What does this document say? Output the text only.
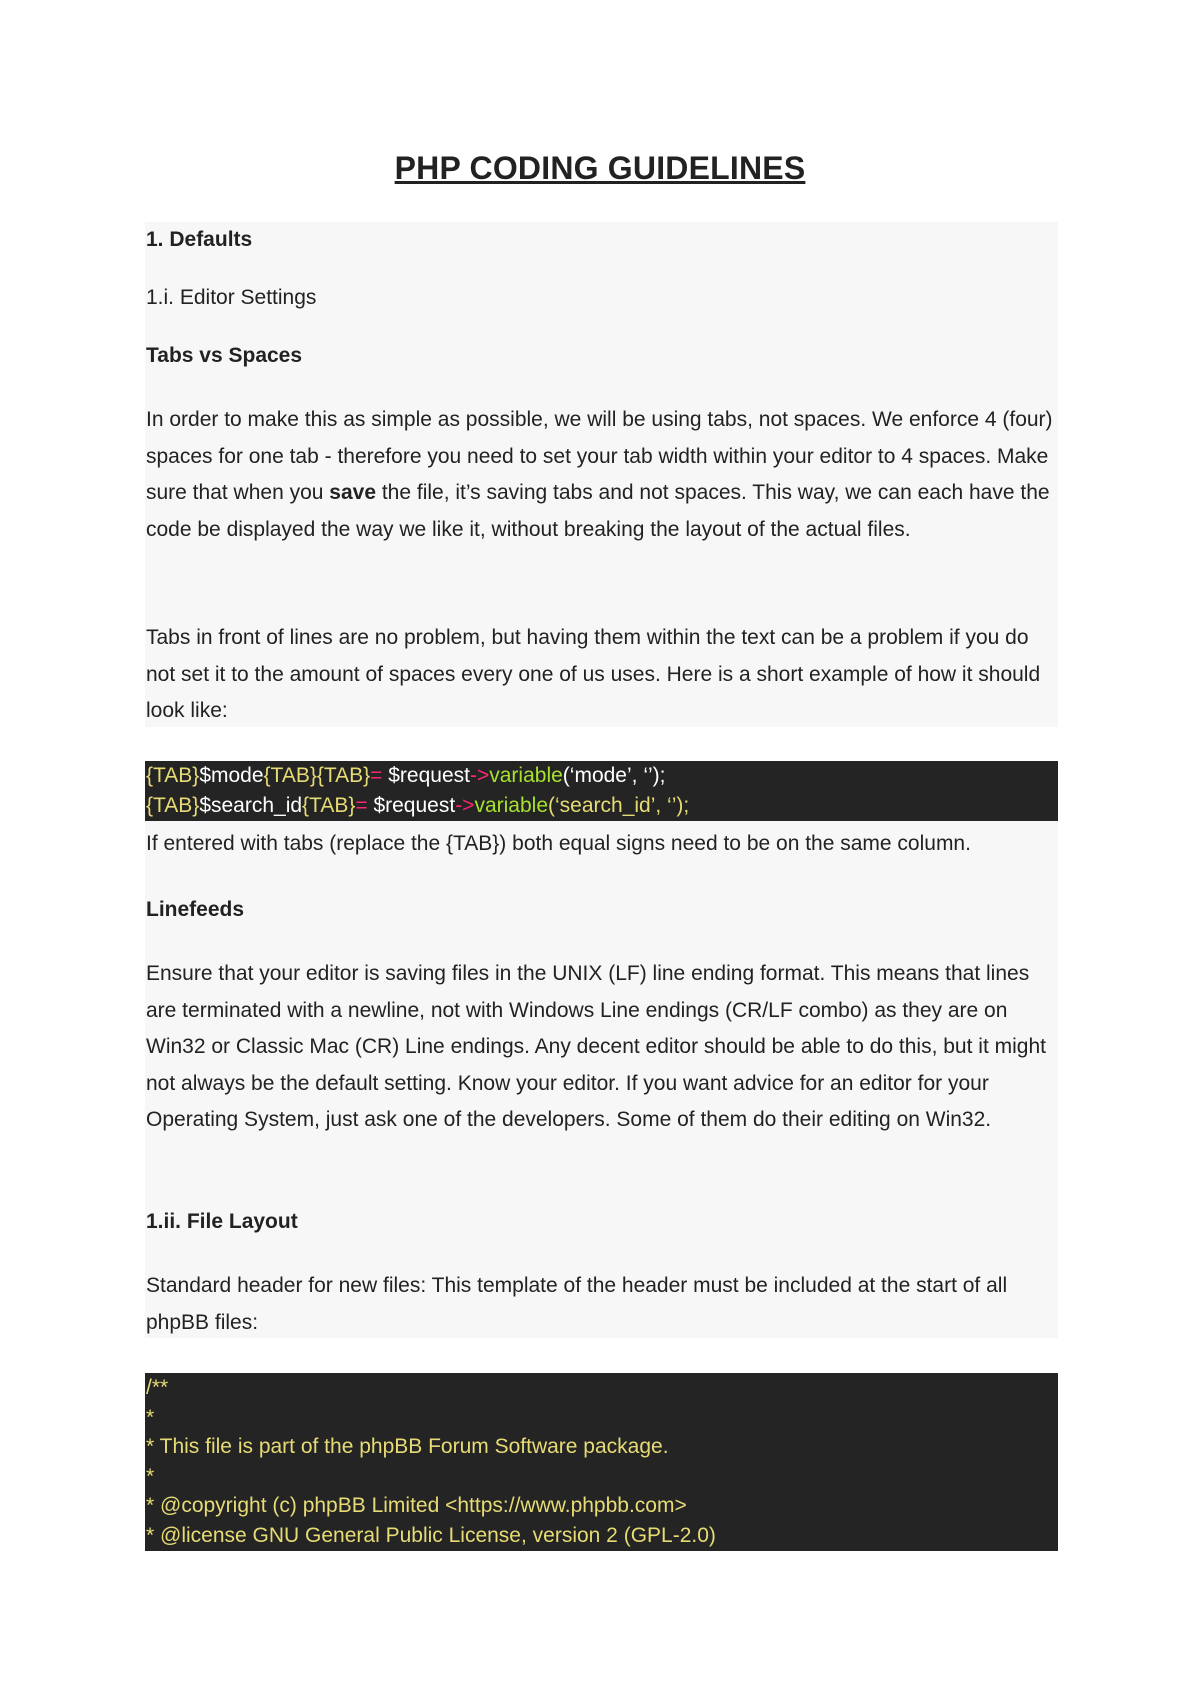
PHP CODING GUIDELINES
1. Defaults
1.i. Editor Settings
Tabs vs Spaces
In order to make this as simple as possible, we will be using tabs, not spaces. We enforce 4 (four) spaces for one tab - therefore you need to set your tab width within your editor to 4 spaces. Make sure that when you save the file, it’s saving tabs and not spaces. This way, we can each have the code be displayed the way we like it, without breaking the layout of the actual files.
Tabs in front of lines are no problem, but having them within the text can be a problem if you do not set it to the amount of spaces every one of us uses. Here is a short example of how it should look like:
{TAB}$mode{TAB}{TAB}= $request->variable(‘mode’, ‘’);
{TAB}$search_id{TAB}= $request->variable(‘search_id’, ‘’);
If entered with tabs (replace the {TAB}) both equal signs need to be on the same column.
Linefeeds
Ensure that your editor is saving files in the UNIX (LF) line ending format. This means that lines are terminated with a newline, not with Windows Line endings (CR/LF combo) as they are on Win32 or Classic Mac (CR) Line endings. Any decent editor should be able to do this, but it might not always be the default setting. Know your editor. If you want advice for an editor for your Operating System, just ask one of the developers. Some of them do their editing on Win32.
1.ii. File Layout
Standard header for new files: This template of the header must be included at the start of all phpBB files:
/**
*
* This file is part of the phpBB Forum Software package.
*
* @copyright (c) phpBB Limited <https://www.phpbb.com>
* @license GNU General Public License, version 2 (GPL-2.0)
